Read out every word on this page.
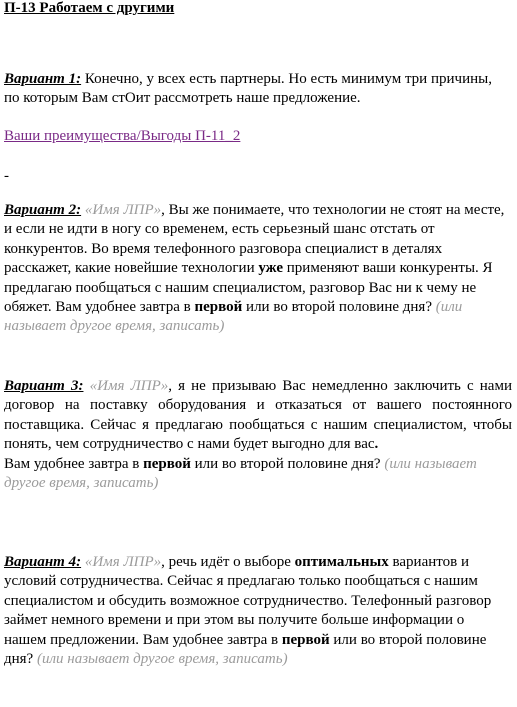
П-13 Работаем с другими
Вариант 1: Конечно, у всех есть партнеры. Но есть минимум три причины, по которым Вам стОит рассмотреть наше предложение.
Ваши преимущества/Выгоды П-11_2
-
Вариант 2: «Имя ЛПР», Вы же понимаете, что технологии не стоят на месте, и если не идти в ногу со временем, есть серьезный шанс отстать от конкурентов. Во время телефонного разговора специалист в деталях расскажет, какие новейшие технологии уже применяют ваши конкуренты. Я предлагаю пообщаться с нашим специалистом, разговор Вас ни к чему не обяжет. Вам удобнее завтра в первой или во второй половине дня? (или называет другое время, записать)
Вариант 3: «Имя ЛПР», я не призываю Вас немедленно заключить с нами договор на поставку оборудования и отказаться от вашего постоянного поставщика. Сейчас я предлагаю пообщаться с нашим специалистом, чтобы понять, чем сотрудничество с нами будет выгодно для вас.
Вам удобнее завтра в первой или во второй половине дня? (или называет другое время, записать)
Вариант 4: «Имя ЛПР», речь идёт о выборе оптимальных вариантов и условий сотрудничества. Сейчас я предлагаю только пообщаться с нашим специалистом и обсудить возможное сотрудничество. Телефонный разговор займет немного времени и при этом вы получите больше информации о нашем предложении. Вам удобнее завтра в первой или во второй половине дня? (или называет другое время, записать)
